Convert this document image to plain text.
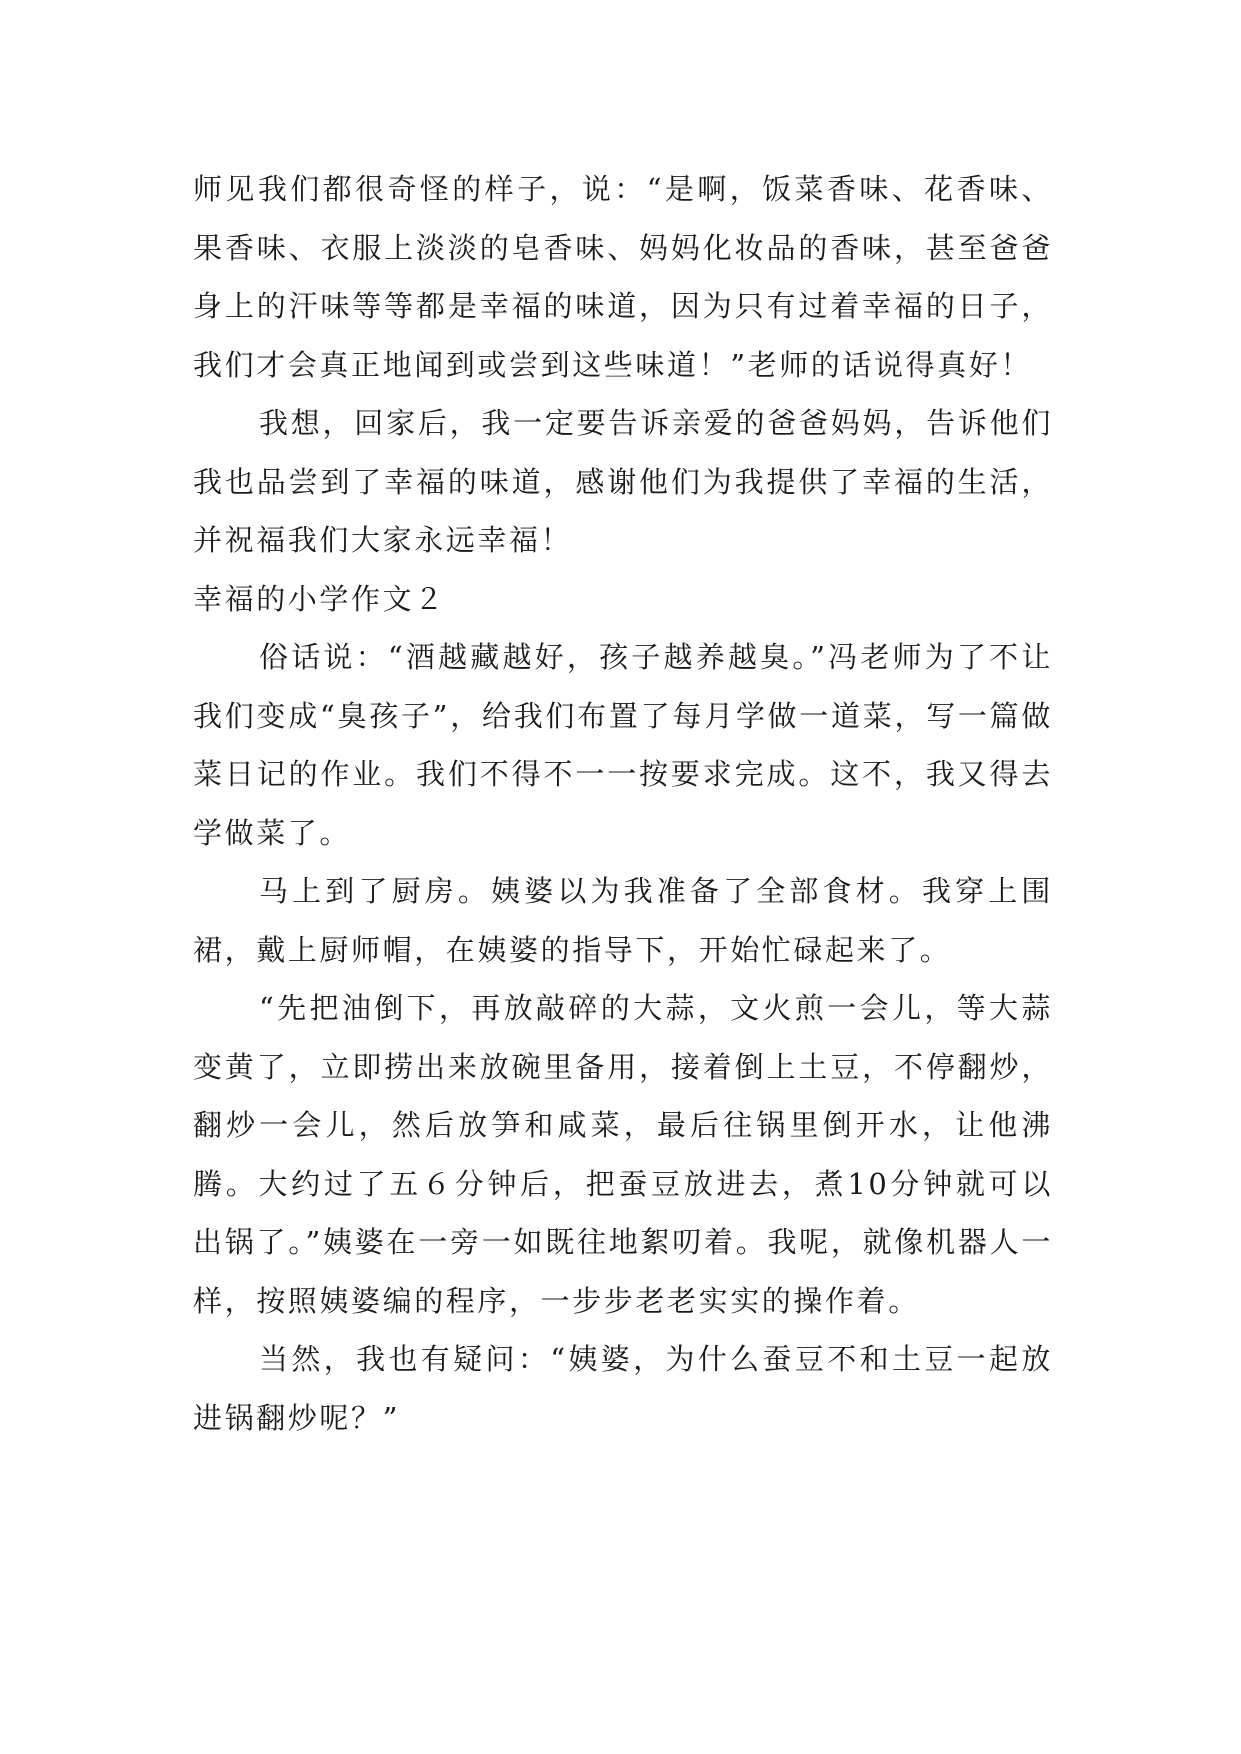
师见我们都很奇怪的样子，说：“是啊，饭菜香味、花香味、果香味、衣服上淡淡的皂香味、妈妈化妆品的香味，甚至爸爸身上的汗味等等都是幸福的味道，因为只有过着幸福的日子，我们才会真正地闻到或尝到这些味道！”老师的话说得真好！

我想，回家后，我一定要告诉亲爱的爸爸妈妈，告诉他们我也品尝到了幸福的味道，感谢他们为我提供了幸福的生活，并祝福我们大家永远幸福！

幸福的小学作文２

俗话说：“酒越藏越好，孩子越养越臭。”冯老师为了不让我们变成“臭孩子”，给我们布置了每月学做一道菜，写一篇做菜日记的作业。我们不得不一一按要求完成。这不，我又得去学做菜了。

马上到了厨房。姨婆以为我准备了全部食材。我穿上围裙，戴上厨师帽，在姨婆的指导下，开始忙碌起来了。

“先把油倒下，再放敲碎的大蒜，文火煎一会儿，等大蒜变黄了，立即捞出来放碗里备用，接着倒上土豆，不停翻炒，翻炒一会儿，然后放笋和咸菜，最后往锅里倒开水，让他沸腾。大约过了五６分钟后，把蚕豆放进去，煮10分钟就可以出锅了。”姨婆在一旁一如既往地絮叨着。我呢，就像机器人一样，按照姨婆编的程序，一步步老老实实的操作着。

当然，我也有疑问：“姨婆，为什么蚕豆不和土豆一起放进锅翻炒呢？”
